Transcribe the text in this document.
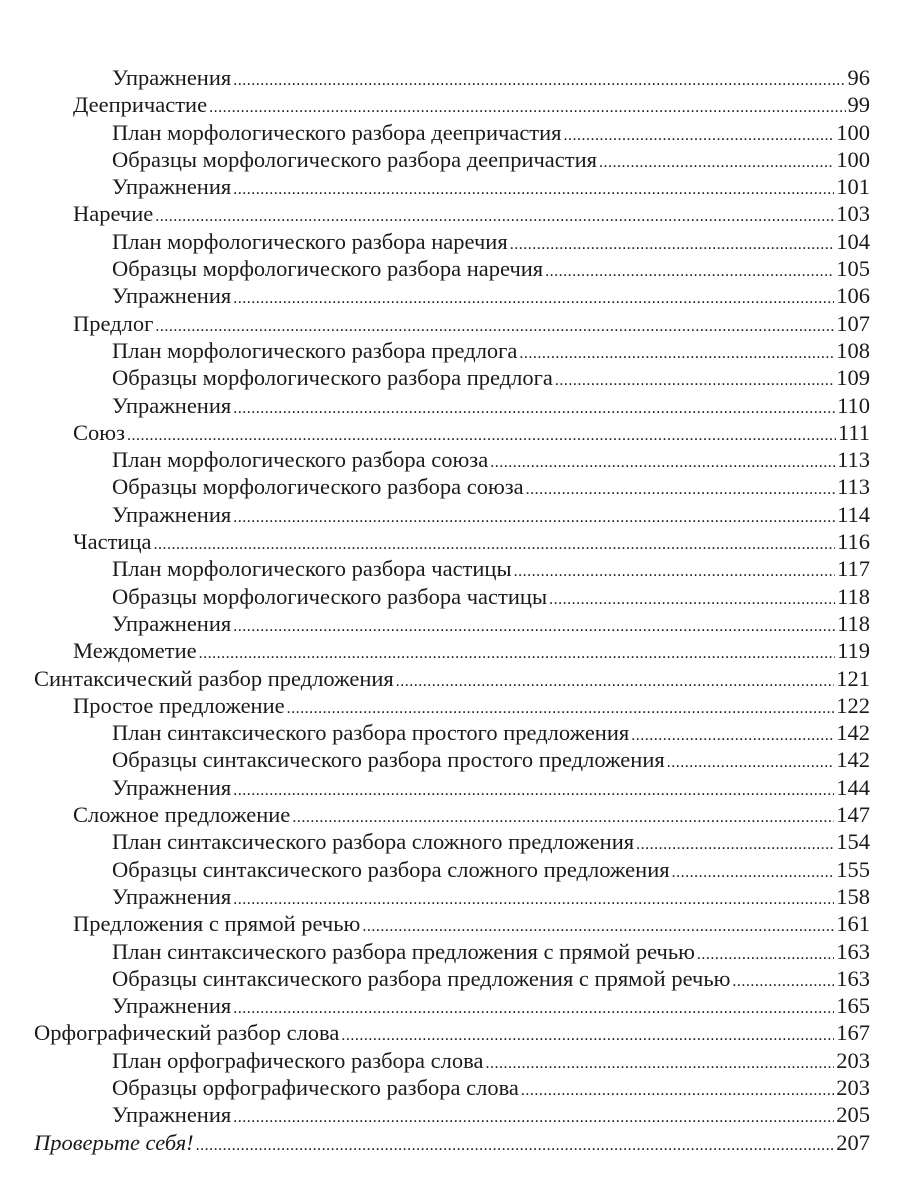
Упражнения .....	96
Деепричастие .....	99
План морфологического разбора деепричастия .....	100
Образцы морфологического разбора деепричастия .....	100
Упражнения .....	101
Наречие .....	103
План морфологического разбора наречия .....	104
Образцы морфологического разбора наречия .....	105
Упражнения .....	106
Предлог .....	107
План морфологического разбора предлога .....	108
Образцы морфологического разбора предлога .....	109
Упражнения .....	110
Союз .....	111
План морфологического разбора союза .....	113
Образцы морфологического разбора союза .....	113
Упражнения .....	114
Частица .....	116
План морфологического разбора частицы .....	117
Образцы морфологического разбора частицы .....	118
Упражнения .....	118
Междометие .....	119
Синтаксический разбор предложения .....	121
Простое предложение .....	122
План синтаксического разбора простого предложения .....	142
Образцы синтаксического разбора простого предложения .....	142
Упражнения .....	144
Сложное предложение .....	147
План синтаксического разбора сложного предложения .....	154
Образцы синтаксического разбора сложного предложения .....	155
Упражнения .....	158
Предложения с прямой речью .....	161
План синтаксического разбора предложения с прямой речью .....	163
Образцы синтаксического разбора предложения с прямой речью .....	163
Упражнения .....	165
Орфографический разбор слова .....	167
План орфографического разбора слова .....	203
Образцы орфографического разбора слова .....	203
Упражнения .....	205
Проверьте себя! .....	207
